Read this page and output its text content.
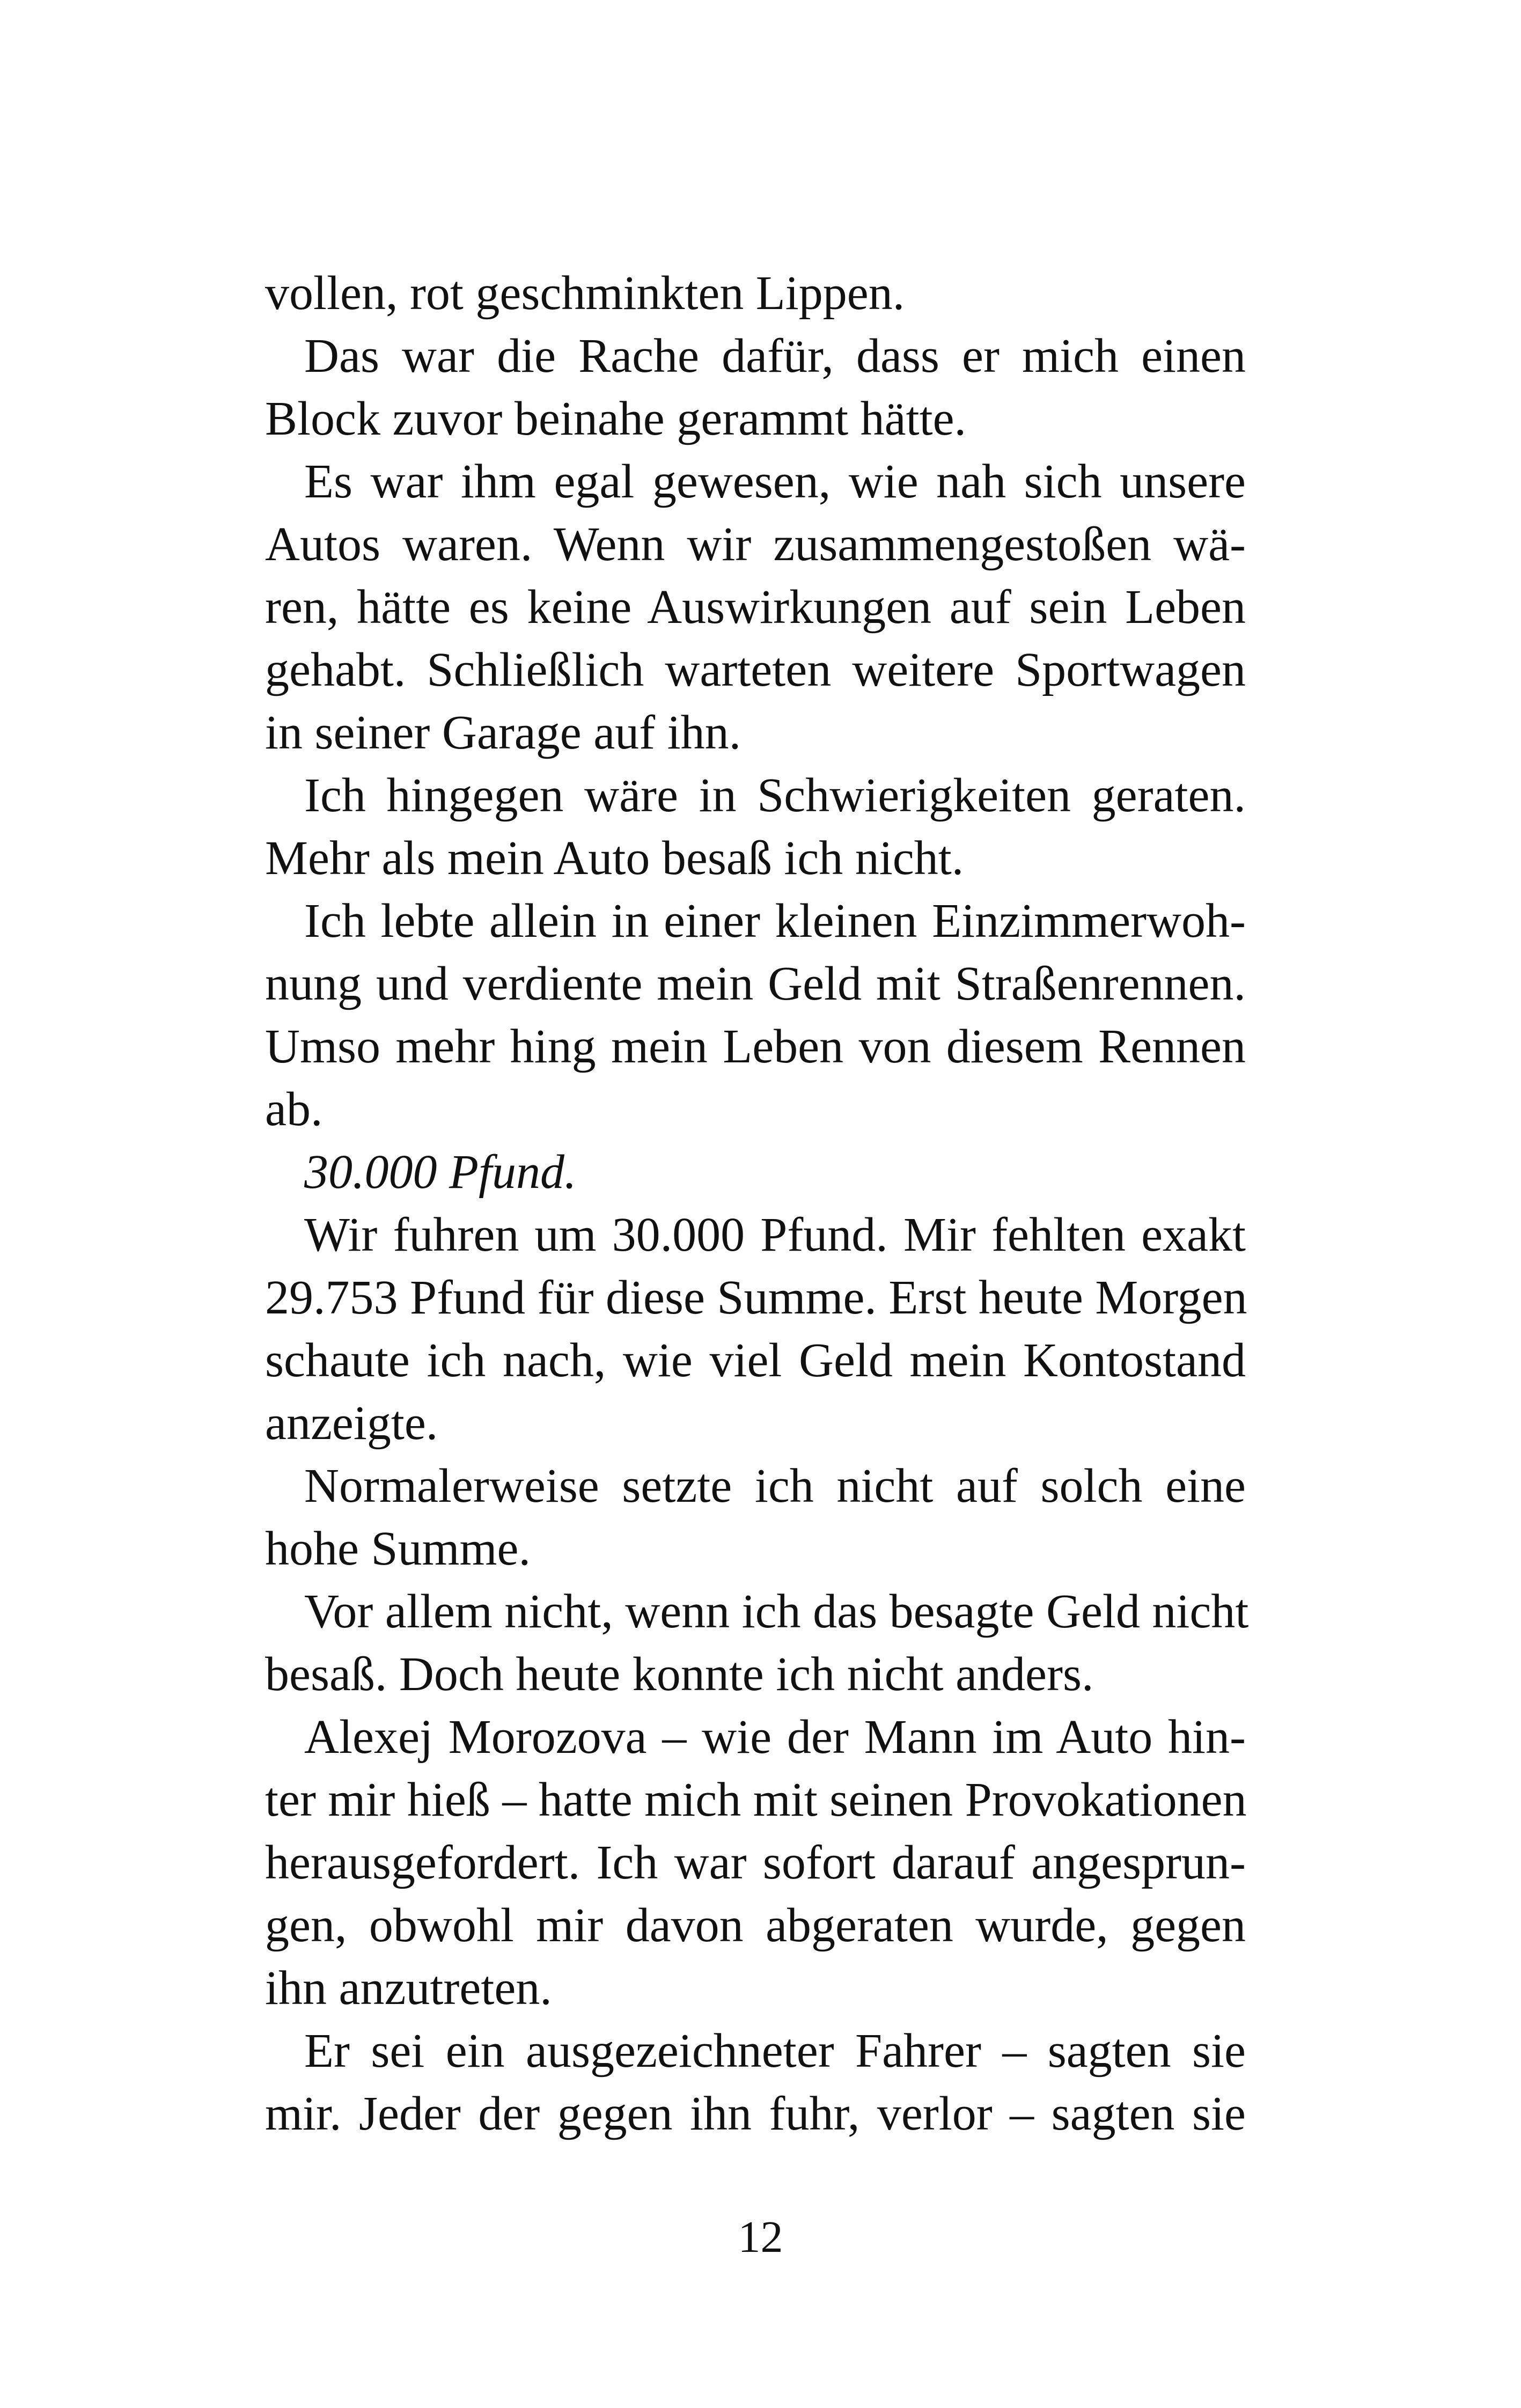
vollen, rot geschminkten Lippen.
Das war die Rache dafür, dass er mich einen
Block zuvor beinahe gerammt hätte.
Es war ihm egal gewesen, wie nah sich unsere
Autos waren. Wenn wir zusammengestoßen wä-
ren, hätte es keine Auswirkungen auf sein Leben
gehabt. Schließlich warteten weitere Sportwagen
in seiner Garage auf ihn.
Ich hingegen wäre in Schwierigkeiten geraten.
Mehr als mein Auto besaß ich nicht.
Ich lebte allein in einer kleinen Einzimmerwoh-
nung und verdiente mein Geld mit Straßenrennen.
Umso mehr hing mein Leben von diesem Rennen
ab.
30.000 Pfund.
Wir fuhren um 30.000 Pfund. Mir fehlten exakt
29.753 Pfund für diese Summe. Erst heute Morgen
schaute ich nach, wie viel Geld mein Kontostand
anzeigte.
Normalerweise setzte ich nicht auf solch eine
hohe Summe.
Vor allem nicht, wenn ich das besagte Geld nicht
besaß. Doch heute konnte ich nicht anders.
Alexej Morozova – wie der Mann im Auto hin-
ter mir hieß – hatte mich mit seinen Provokationen
herausgefordert. Ich war sofort darauf angesprun-
gen, obwohl mir davon abgeraten wurde, gegen
ihn anzutreten.
Er sei ein ausgezeichneter Fahrer – sagten sie
mir. Jeder der gegen ihn fuhr, verlor – sagten sie
12
